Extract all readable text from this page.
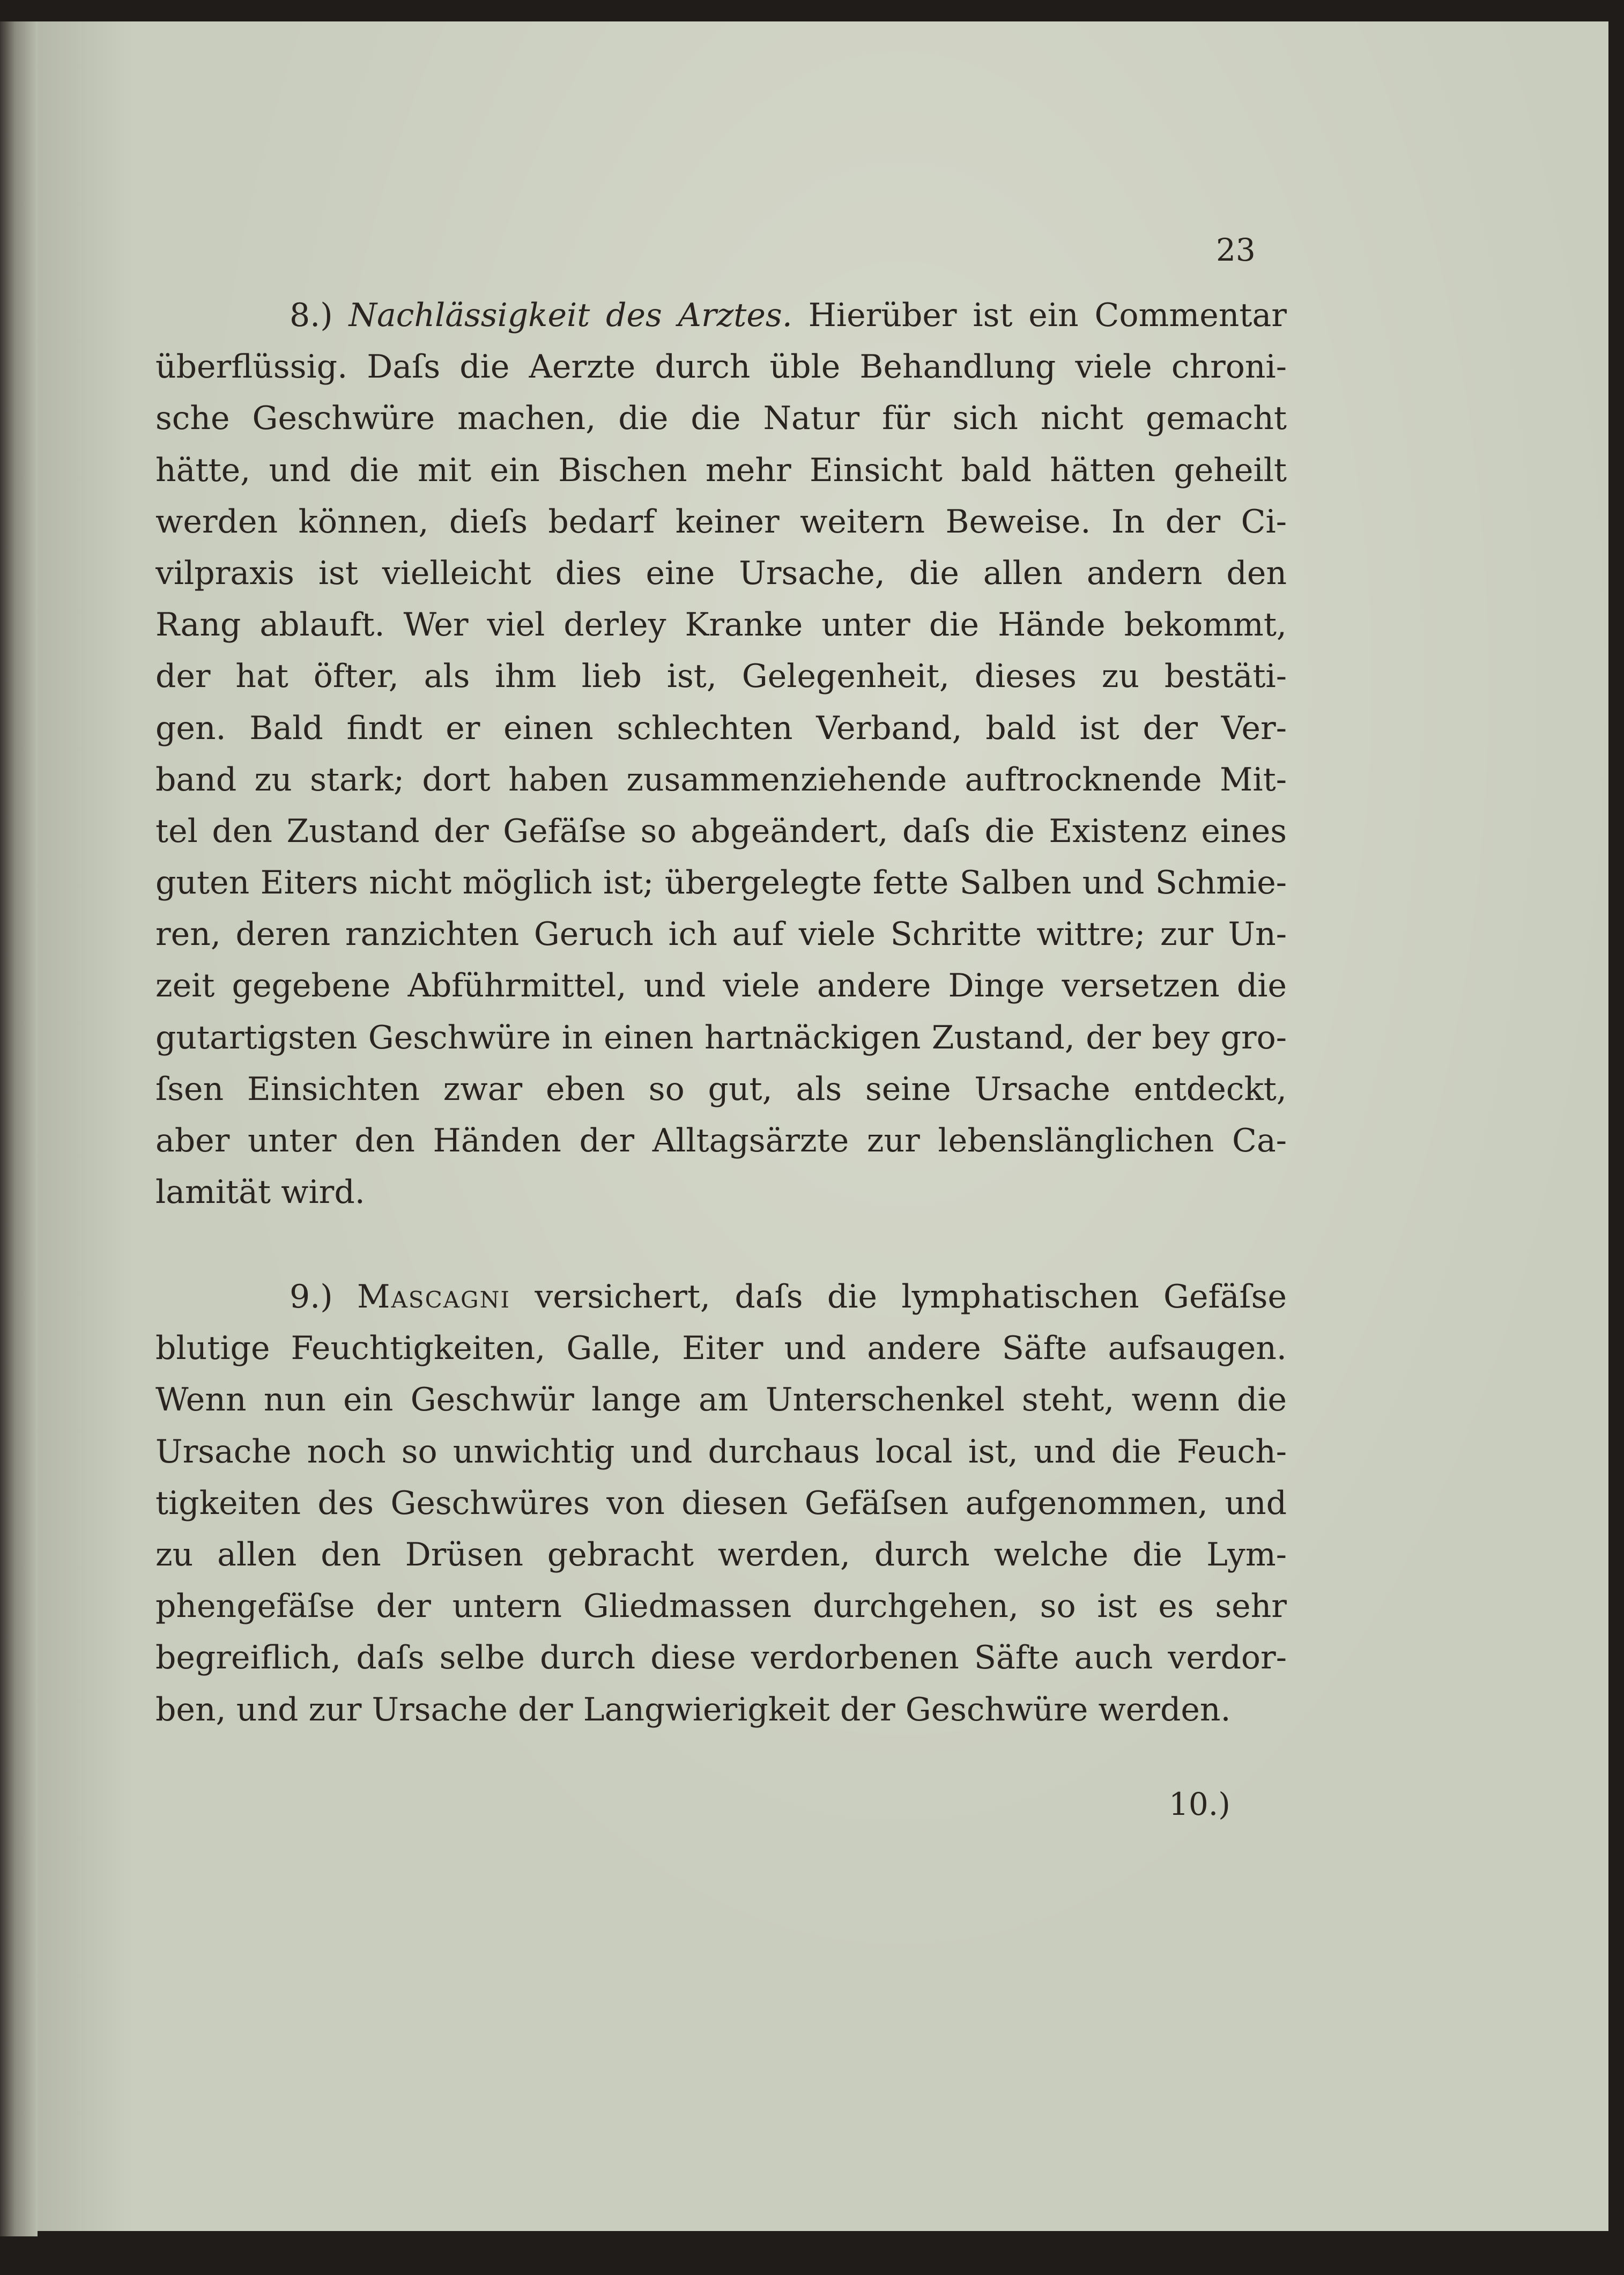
23
8.) Nachlässigkeit des Arztes. Hierüber ist ein Commentar
überflüssig. Daſs die Aerzte durch üble Behandlung viele chroni-
sche Geschwüre machen, die die Natur für sich nicht gemacht
hätte, und die mit ein Bischen mehr Einsicht bald hätten geheilt
werden können, dieſs bedarf keiner weitern Beweise. In der Ci-
vilpraxis ist vielleicht dies eine Ursache, die allen andern den
Rang ablauft. Wer viel derley Kranke unter die Hände bekommt,
der hat öfter, als ihm lieb ist, Gelegenheit, dieses zu bestäti-
gen. Bald findt er einen schlechten Verband, bald ist der Ver-
band zu stark; dort haben zusammenziehende auftrocknende Mit-
tel den Zustand der Gefäſse so abgeändert, daſs die Existenz eines
guten Eiters nicht möglich ist; übergelegte fette Salben und Schmie-
ren, deren ranzichten Geruch ich auf viele Schritte wittre; zur Un-
zeit gegebene Abführmittel, und viele andere Dinge versetzen die
gutartigsten Geschwüre in einen hartnäckigen Zustand, der bey gro-
ſsen Einsichten zwar eben so gut, als seine Ursache entdeckt,
aber unter den Händen der Alltagsärzte zur lebenslänglichen Ca-
lamität wird.
9.) Mascagni versichert, daſs die lymphatischen Gefäſse
blutige Feuchtigkeiten, Galle, Eiter und andere Säfte aufsaugen.
Wenn nun ein Geschwür lange am Unterschenkel steht, wenn die
Ursache noch so unwichtig und durchaus local ist, und die Feuch-
tigkeiten des Geschwüres von diesen Gefäſsen aufgenommen, und
zu allen den Drüsen gebracht werden, durch welche die Lym-
phengefäſse der untern Gliedmassen durchgehen, so ist es sehr
begreiflich, daſs selbe durch diese verdorbenen Säfte auch verdor-
ben, und zur Ursache der Langwierigkeit der Geschwüre werden.
10.)
